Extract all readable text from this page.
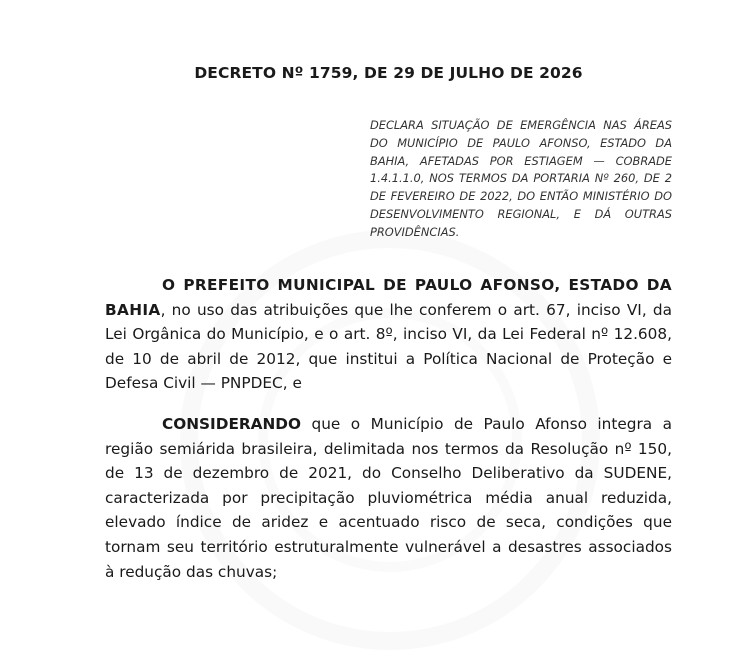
DECRETO Nº 1759, DE 29 DE JULHO DE 2026
DECLARA SITUAÇÃO DE EMERGÊNCIA NAS ÁREAS DO MUNICÍPIO DE PAULO AFONSO, ESTADO DA BAHIA, AFETADAS POR ESTIAGEM — COBRADE 1.4.1.1.0, NOS TERMOS DA PORTARIA Nº 260, DE 2 DE FEVEREIRO DE 2022, DO ENTÃO MINISTÉRIO DO DESENVOLVIMENTO REGIONAL, E DÁ OUTRAS PROVIDÊNCIAS.

O PREFEITO MUNICIPAL DE PAULO AFONSO, ESTADO DA BAHIA, no uso das atribuições que lhe conferem o art. 67, inciso VI, da Lei Orgânica do Município, e o art. 8º, inciso VI, da Lei Federal nº 12.608, de 10 de abril de 2012, que institui a Política Nacional de Proteção e Defesa Civil — PNPDEC, e

CONSIDERANDO que o Município de Paulo Afonso integra a região semiárida brasileira, delimitada nos termos da Resolução nº 150, de 13 de dezembro de 2021, do Conselho Deliberativo da SUDENE, caracterizada por precipitação pluviométrica média anual reduzida, elevado índice de aridez e acentuado risco de seca, condições que tornam seu território estruturalmente vulnerável a desastres associados à redução das chuvas;
